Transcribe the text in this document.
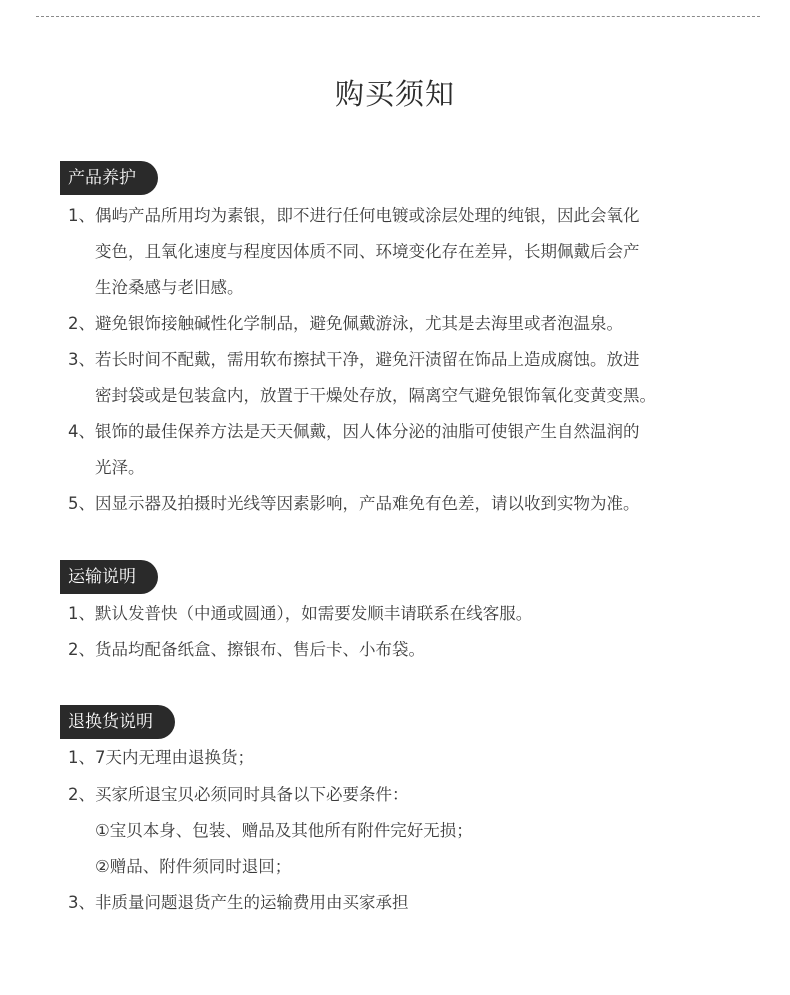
购买须知
产品养护
1、偶屿产品所用均为素银，即不进行任何电镀或涂层处理的纯银，因此会氧化
变色，且氧化速度与程度因体质不同、环境变化存在差异，长期佩戴后会产
生沧桑感与老旧感。
2、避免银饰接触碱性化学制品，避免佩戴游泳，尤其是去海里或者泡温泉。
3、若长时间不配戴，需用软布擦拭干净，避免汗渍留在饰品上造成腐蚀。放进
密封袋或是包装盒内，放置于干燥处存放，隔离空气避免银饰氧化变黄变黑。
4、银饰的最佳保养方法是天天佩戴，因人体分泌的油脂可使银产生自然温润的
光泽。
5、因显示器及拍摄时光线等因素影响，产品难免有色差，请以收到实物为准。
运输说明
1、默认发普快（中通或圆通），如需要发顺丰请联系在线客服。
2、货品均配备纸盒、擦银布、售后卡、小布袋。
退换货说明
1、7天内无理由退换货；
2、买家所退宝贝必须同时具备以下必要条件：
①宝贝本身、包装、赠品及其他所有附件完好无损；
②赠品、附件须同时退回；
3、非质量问题退货产生的运输费用由买家承担
